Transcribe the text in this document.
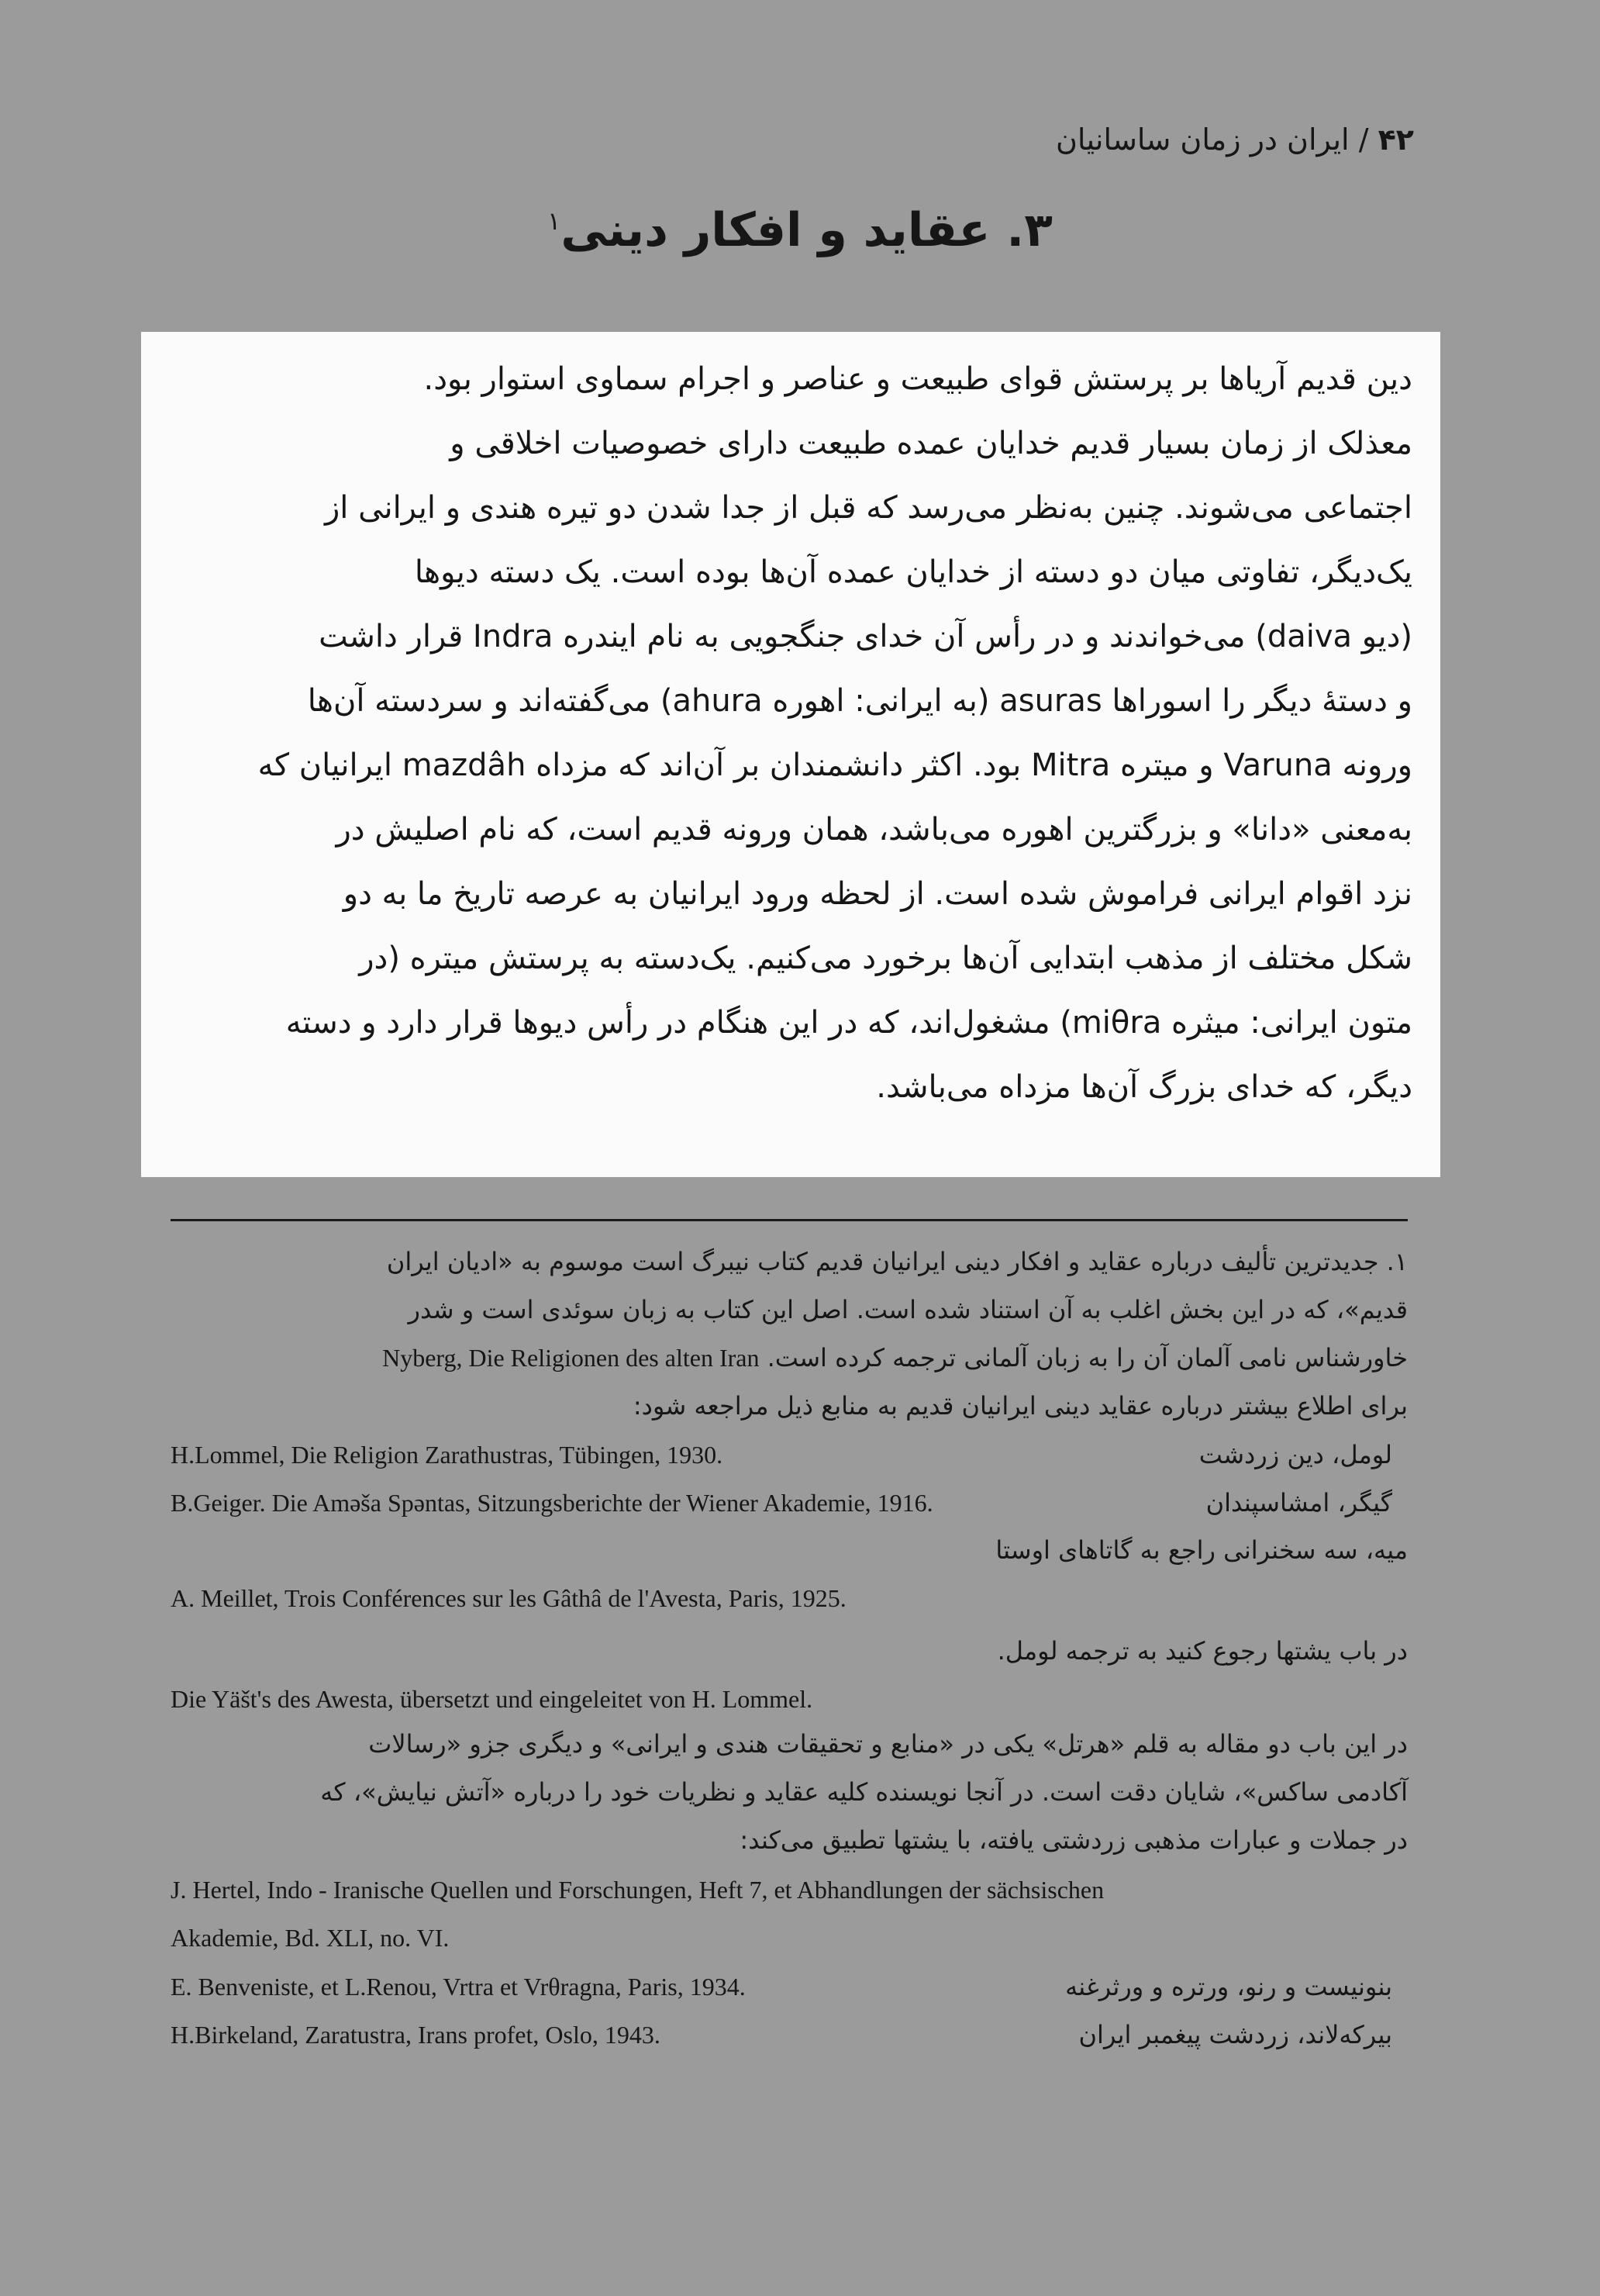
۴۲ / ایران در زمان ساسانیان
۳. عقاید و افکار دینی$^۱$

دین قدیم آریاها بر پرستش قوای طبیعت و عناصر و اجرام سماوی استوار بود.

معذلک از زمان بسیار قدیم خدایان عمده طبیعت دارای خصوصیات اخلاقی و

اجتماعی می‌شوند. چنین به‌نظر می‌رسد که قبل از جدا شدن دو تیره هندی و ایرانی از

یک‌دیگر، تفاوتی میان دو دسته از خدایان عمده آن‌ها بوده است. یک دسته دیوها

(دیو daiva) می‌خواندند و در رأس آن خدای جنگجویی به نام ایندره Indra قرار داشت

و دستهٔ دیگر را اسوراها asuras (به ایرانی: اهوره ahura) می‌گفته‌اند و سردسته آن‌ها

ورونه Varuna و میتره Mitra بود. اکثر دانشمندان بر آن‌اند که مزداه mazdâh ایرانیان که

به‌معنی «دانا» و بزرگترین اهوره می‌باشد، همان ورونه قدیم است، که نام اصلیش در

نزد اقوام ایرانی فراموش شده است. از لحظه ورود ایرانیان به عرصه تاریخ ما به دو

شکل مختلف از مذهب ابتدایی آن‌ها برخورد می‌کنیم. یک‌دسته به پرستش میتره (در

متون ایرانی: میثره miθra) مشغول‌اند، که در این هنگام در رأس دیوها قرار دارد و دسته

دیگر، که خدای بزرگ آن‌ها مزداه می‌باشد.

۱. جدیدترین تألیف درباره عقاید و افکار دینی ایرانیان قدیم کتاب نیبرگ است موسوم به «ادیان ایران
قدیم»، که در این بخش اغلب به آن استناد شده است. اصل این کتاب به زبان سوئدی است و شدر
خاورشناس نامی آلمان آن را به زبان آلمانی ترجمه کرده است. Nyberg, Die Religionen des alten Iran
برای اطلاع بیشتر درباره عقاید دینی ایرانیان قدیم به منابع ذیل مراجعه شود:
H.Lommel, Die Religion Zarathustras, Tübingen, 1930.	لومل، دین زردشت
B.Geiger. Die Amәša Spәntas, Sitzungsberichte der Wiener Akademie, 1916.	گیگر، امشاسپندان
میه، سه سخنرانی راجع به گاتاهای اوستا
A. Meillet, Trois Conférences sur les Gâthâ de l'Avesta, Paris, 1925.
در باب یشتها رجوع کنید به ترجمه لومل.
Die Yäšt's des Awesta, übersetzt und eingeleitet von H. Lommel.
در این باب دو مقاله به قلم «هرتل» یکی در «منابع و تحقیقات هندی و ایرانی» و دیگری جزو «رسالات
آکادمی ساکس»، شایان دقت است. در آنجا نویسنده کلیه عقاید و نظریات خود را درباره «آتش نیایش»، که
در جملات و عبارات مذهبی زردشتی یافته، با یشتها تطبیق می‌کند:
J. Hertel, Indo - Iranische Quellen und Forschungen, Heft 7, et Abhandlungen der sächsischen
Akademie, Bd. XLI, no. VI.
E. Benveniste, et L.Renou, Vrtra et Vrθragna, Paris, 1934.	بنونیست و رنو، ورتره و ورثرغنه
H.Birkeland, Zaratustra, Irans profet, Oslo, 1943.	بیرکه‌لاند، زردشت پیغمبر ایران
